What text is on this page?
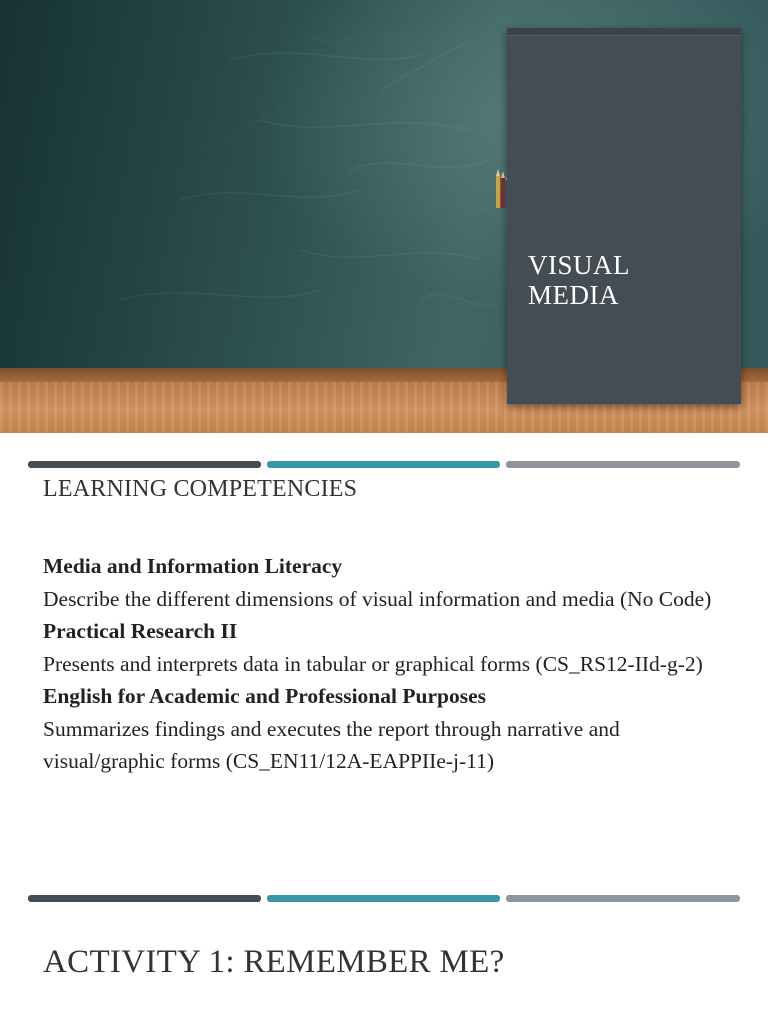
VISUAL
MEDIA
LEARNING COMPETENCIES
Media and Information Literacy
Describe the different dimensions of visual information and media (No Code)
Practical Research II
Presents and interprets data in tabular or graphical forms (CS_RS12-IId-g-2)
English for Academic and Professional Purposes
Summarizes findings and executes the report through narrative and visual/graphic forms (CS_EN11/12A-EAPPIIe-j-11)
ACTIVITY 1: REMEMBER ME?
